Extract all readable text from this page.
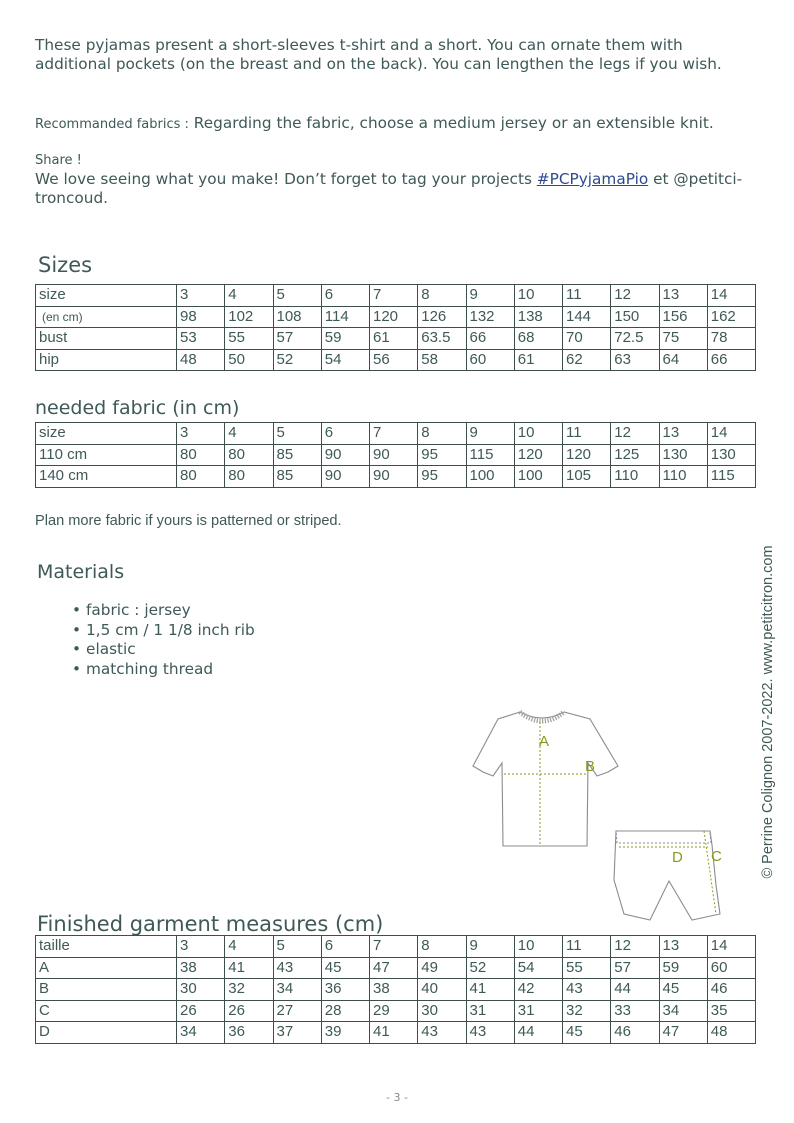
These pyjamas present a short-sleeves t-shirt and a short. You can ornate them with additional pockets (on the breast and on the back). You can lengthen the legs if you wish.
Recommanded fabrics : Regarding the fabric, choose a medium jersey or an extensible knit.
Share !
We love seeing what you make! Don’t forget to tag your projects #PCPyjamaPio et @petitci-troncoud.
Sizes
size	3	4	5	6	7	8	9	10	11	12	13	14
(en cm)	98	102	108	114	120	126	132	138	144	150	156	162
bust	53	55	57	59	61	63.5	66	68	70	72.5	75	78
hip	48	50	52	54	56	58	60	61	62	63	64	66
needed fabric (in cm)
size	3	4	5	6	7	8	9	10	11	12	13	14
110 cm	80	80	85	90	90	95	115	120	120	125	130	130
140 cm	80	80	85	90	90	95	100	100	105	110	110	115
Plan more fabric if yours is patterned or striped.
Materials
• fabric : jersey
• 1,5 cm / 1 1/8 inch rib
• elastic
• matching thread
A
B
C
D
Finished garment measures (cm)
taille	3	4	5	6	7	8	9	10	11	12	13	14
A	38	41	43	45	47	49	52	54	55	57	59	60
B	30	32	34	36	38	40	41	42	43	44	45	46
C	26	26	27	28	29	30	31	31	32	33	34	35
D	34	36	37	39	41	43	43	44	45	46	47	48
© Perrine Colignon 2007-2022. www.petitcitron.com
- 3 -
